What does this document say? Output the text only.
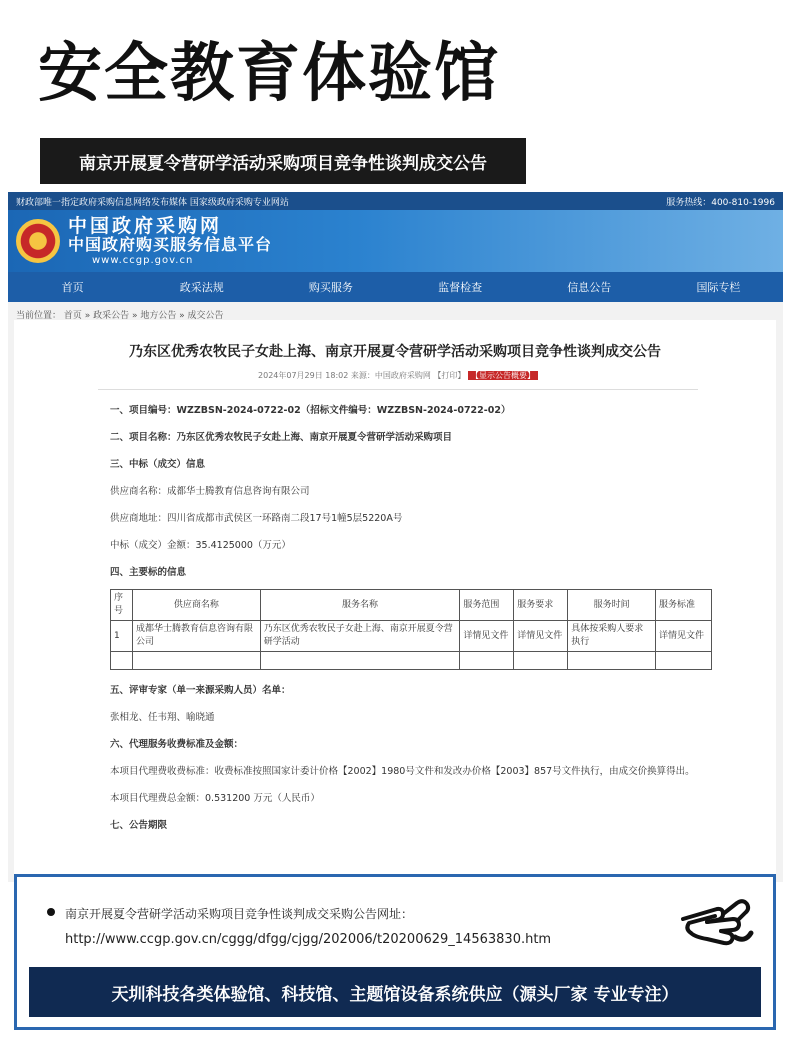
安全教育体验馆
南京开展夏令营研学活动采购项目竞争性谈判成交公告
财政部唯一指定政府采购信息网络发布媒体 国家级政府采购专业网站	服务热线：400-810-1996
中国政府采购网
中国政府购买服务信息平台
www.ccgp.gov.cn
首页	政采法规	购买服务	监督检查	信息公告	国际专栏
当前位置： 首页 » 政采公告 » 地方公告 » 成交公告
乃东区优秀农牧民子女赴上海、南京开展夏令营研学活动采购项目竞争性谈判成交公告
2024年07月29日 18:02 来源：中国政府采购网 【打印】 【显示公告概要】
一、项目编号：WZZBSN-2024-0722-02（招标文件编号：WZZBSN-2024-0722-02）
二、项目名称：乃东区优秀农牧民子女赴上海、南京开展夏令营研学活动采购项目
三、中标（成交）信息
供应商名称：成都华士腾教育信息咨询有限公司
供应商地址：四川省成都市武侯区一环路南二段17号1幢5层5220A号
中标（成交）金额：35.4125000（万元）
四、主要标的信息
序号	供应商名称	服务名称	服务范围	服务要求	服务时间	服务标准
1	成都华士腾教育信息咨询有限公司	乃东区优秀农牧民子女赴上海、南京开展夏令营研学活动	详情见文件	详情见文件	具体按采购人要求执行	详情见文件

五、评审专家（单一来源采购人员）名单：
张相龙、任韦翔、喻晓通
六、代理服务收费标准及金额：
本项目代理费收费标准：收费标准按照国家计委计价格【2002】1980号文件和发改办价格【2003】857号文件执行，由成交价换算得出。
本项目代理费总金额：0.531200 万元（人民币）
七、公告期限
南京开展夏令营研学活动采购项目竞争性谈判成交采购公告网址：
http://www.ccgp.gov.cn/cggg/dfgg/cjgg/202006/t20200629_14563830.htm
天圳科技各类体验馆、科技馆、主题馆设备系统供应（源头厂家 专业专注）
